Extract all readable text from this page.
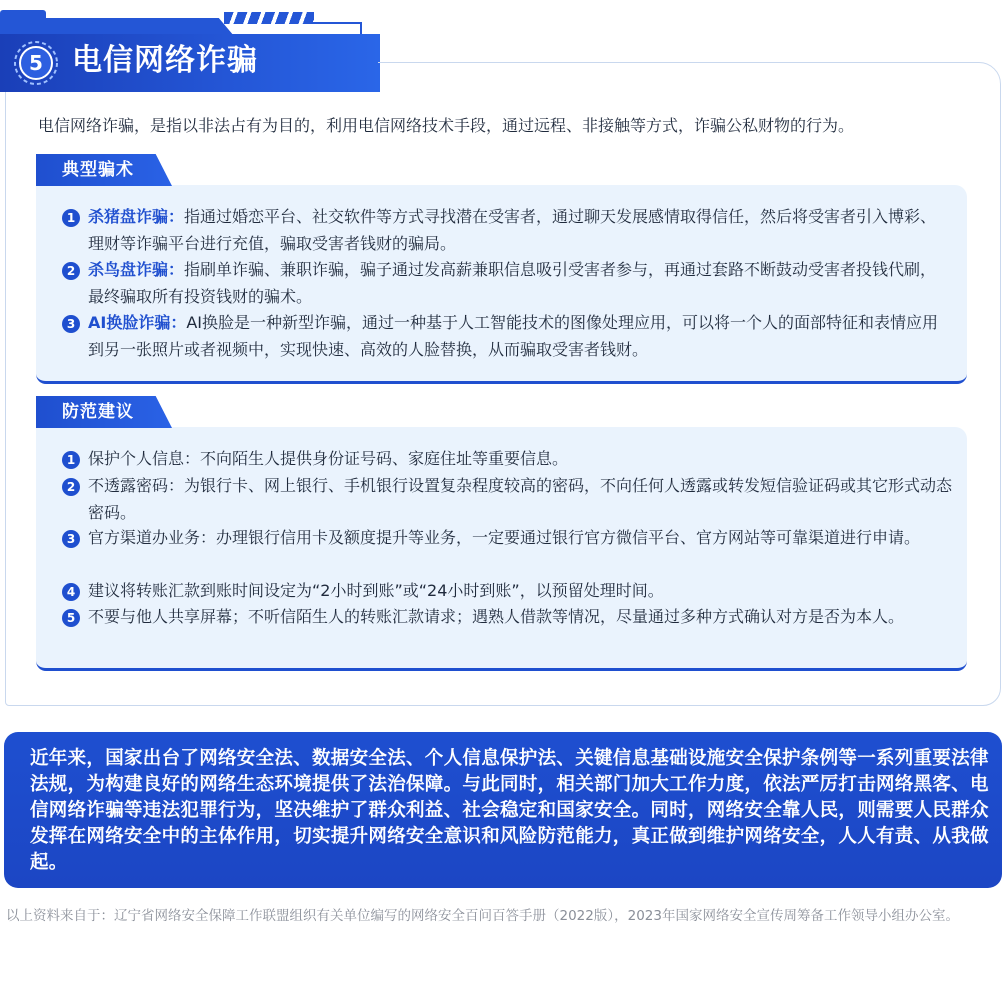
5 电信网络诈骗

电信网络诈骗，是指以非法占有为目的，利用电信网络技术手段，通过远程、非接触等方式，诈骗公私财物的行为。

典型骗术
1 杀猪盘诈骗：指通过婚恋平台、社交软件等方式寻找潜在受害者，通过聊天发展感情取得信任，然后将受害者引入博彩、理财等诈骗平台进行充值，骗取受害者钱财的骗局。
2 杀鸟盘诈骗：指刷单诈骗、兼职诈骗，骗子通过发高薪兼职信息吸引受害者参与，再通过套路不断鼓动受害者投钱代刷，最终骗取所有投资钱财的骗术。
3 AI换脸诈骗：AI换脸是一种新型诈骗，通过一种基于人工智能技术的图像处理应用，可以将一个人的面部特征和表情应用到另一张照片或者视频中，实现快速、高效的人脸替换，从而骗取受害者钱财。
防范建议
1 保护个人信息：不向陌生人提供身份证号码、家庭住址等重要信息。
2 不透露密码：为银行卡、网上银行、手机银行设置复杂程度较高的密码，不向任何人透露或转发短信验证码或其它形式动态密码。
3 官方渠道办业务：办理银行信用卡及额度提升等业务，一定要通过银行官方微信平台、官方网站等可靠渠道进行申请。
4 建议将转账汇款到账时间设定为“2小时到账”或“24小时到账”，以预留处理时间。
5 不要与他人共享屏幕；不听信陌生人的转账汇款请求；遇熟人借款等情况，尽量通过多种方式确认对方是否为本人。

近年来，国家出台了网络安全法、数据安全法、个人信息保护法、关键信息基础设施安全保护条例等一系列重要法律法规，为构建良好的网络生态环境提供了法治保障。与此同时，相关部门加大工作力度，依法严厉打击网络黑客、电信网络诈骗等违法犯罪行为，坚决维护了群众利益、社会稳定和国家安全。同时，网络安全靠人民，则需要人民群众发挥在网络安全中的主体作用，切实提升网络安全意识和风险防范能力，真正做到维护网络安全，人人有责、从我做起。

以上资料来自于：辽宁省网络安全保障工作联盟组织有关单位编写的网络安全百问百答手册（2022版），2023年国家网络安全宣传周筹备工作领导小组办公室。
